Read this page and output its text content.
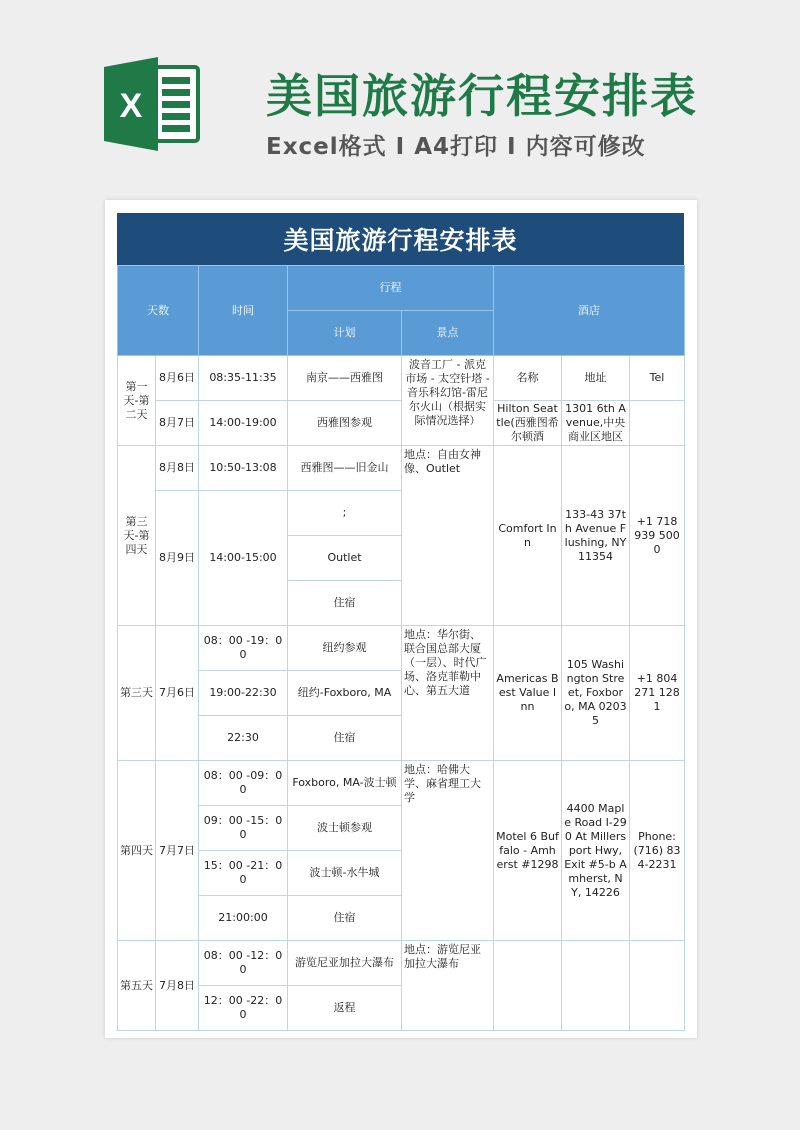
X	美国旅游行程安排表
Excel格式 I A4打印 I 内容可修改
美国旅游行程安排表
天数		时间	行程		酒店		
			计划	景点			
第一天-第二天	8月6日	08:35-11:35	南京——西雅图	波音工厂 - 派克市场 - 太空针塔 - 音乐科幻馆-雷尼尔火山（根据实际情况选择）	名称	地址	Tel
	8月7日	14:00-19:00	西雅图参观		Hilton Seattle(西雅图希尔顿酒	1301 6th Avenue,中央商业区地区	
第三天-第四天	8月8日	10:50-13:08	西雅图——旧金山	地点：自由女神像、Outlet	Comfort Inn	133-43 37th Avenue Flushing, NY 11354	+1 718 939 5000
	8月9日	14:00-15:00	;				
			Outlet				
			住宿				
第三天	7月6日	08：00 -19：00	纽约参观	地点：华尔街、联合国总部大厦（一层）、时代广场、洛克菲勒中心、第五大道	Americas Best Value Inn	105 Washington Street, Foxboro, MA 02035	+1 804 271 1281
		19:00-22:30	纽约-Foxboro, MA				
		22:30	住宿				
第四天	7月7日	08：00 -09：00	Foxboro, MA-波士顿	地点：哈佛大学、麻省理工大学	Motel 6 Buffalo - Amherst #1298	4400 Maple Road I-290 At Millersport Hwy, Exit #5-b Amherst, NY, 14226	Phone: (716) 834-2231
		09：00 -15：00	波士顿参观				
		15：00 -21：00	波士顿-水牛城				
		21:00:00	住宿				
第五天	7月8日	08：00 -12：00	游览尼亚加拉大瀑布	地点：游览尼亚加拉大瀑布			
		12：00 -22：00	返程				
